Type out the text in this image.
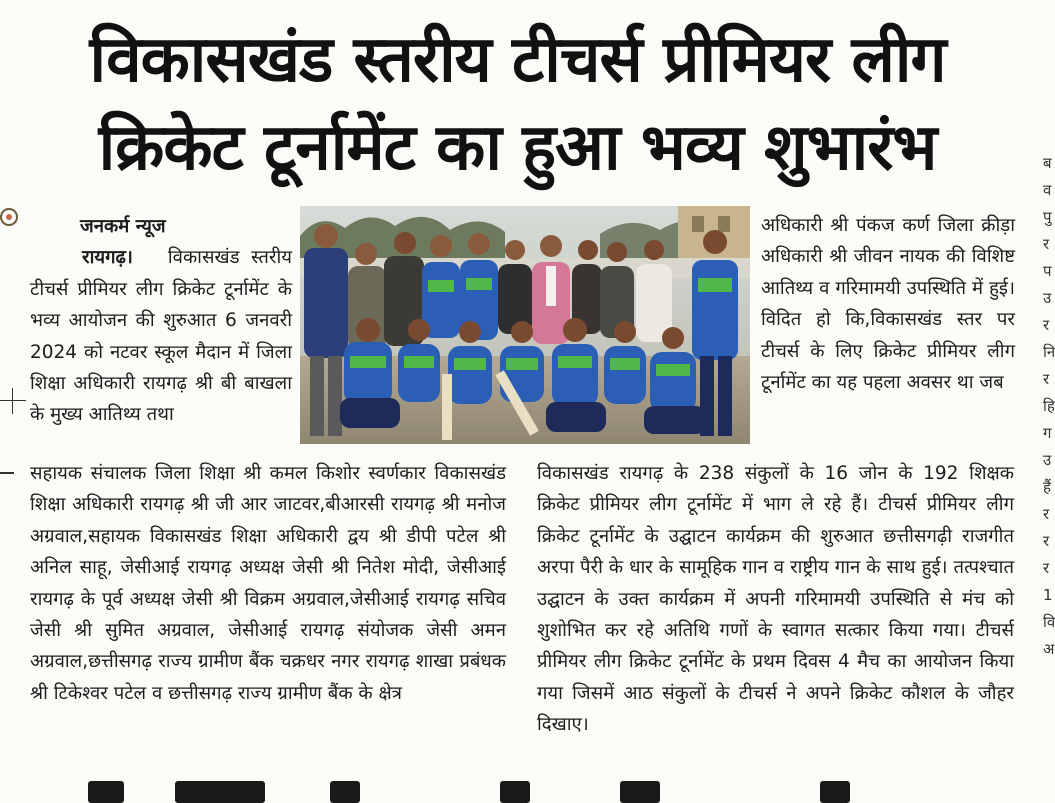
विकासखंड स्तरीय टीचर्स प्रीमियर लीग
क्रिकेट टूर्नामेंट का हुआ भव्य शुभारंभ
जनकर्म न्यूज

रायगढ़। विकासखंड स्तरीय टीचर्स प्रीमियर लीग क्रिकेट टूर्नामेंट के भव्य आयोजन की शुरुआत 6 जनवरी 2024 को नटवर स्कूल मैदान में जिला शिक्षा अधिकारी रायगढ़ श्री बी बाखला के मुख्य आतिथ्य तथा

सहायक संचालक जिला शिक्षा श्री कमल किशोर स्वर्णकार विकासखंड शिक्षा अधिकारी रायगढ़ श्री जी आर जाटवर,बीआरसी रायगढ़ श्री मनोज अग्रवाल,सहायक विकासखंड शिक्षा अधिकारी द्वय श्री डीपी पटेल श्री अनिल साहू, जेसीआई रायगढ़ अध्यक्ष जेसी श्री नितेश मोदी, जेसीआई रायगढ़ के पूर्व अध्यक्ष जेसी श्री विक्रम अग्रवाल,जेसीआई रायगढ़ सचिव जेसी श्री सुमित अग्रवाल, जेसीआई रायगढ़ संयोजक जेसी अमन अग्रवाल,छत्तीसगढ़ राज्य ग्रामीण बैंक चक्रधर नगर रायगढ़ शाखा प्रबंधक श्री टिकेश्वर पटेल व छत्तीसगढ़ राज्य ग्रामीण बैंक के क्षेत्र

अधिकारी श्री पंकज कर्ण जिला क्रीड़ा अधिकारी श्री जीवन नायक की विशिष्ट आतिथ्य व गरिमामयी उपस्थिति में हुई। विदित हो कि,विकासखंड स्तर पर टीचर्स के लिए क्रिकेट प्रीमियर लीग टूर्नामेंट का यह पहला अवसर था जब

विकासखंड रायगढ़ के 238 संकुलों के 16 जोन के 192 शिक्षक क्रिकेट प्रीमियर लीग टूर्नामेंट में भाग ले रहे हैं। टीचर्स प्रीमियर लीग क्रिकेट टूर्नामेंट के उद्घाटन कार्यक्रम की शुरुआत छत्तीसगढ़ी राजगीत अरपा पैरी के धार के सामूहिक गान व राष्ट्रीय गान के साथ हुई। तत्पश्चात उद्घाटन के उक्त कार्यक्रम में अपनी गरिमामयी उपस्थिति से मंच को शुशोभित कर रहे अतिथि गणों के स्वागत सत्कार किया गया। टीचर्स प्रीमियर लीग क्रिकेट टूर्नामेंट के प्रथम दिवस 4 मैच का आयोजन किया गया जिसमें आठ संकुलों के टीचर्स ने अपने क्रिकेट कौशल के जौहर दिखाए।

ब
व
पु
र
प
उ
र
नि
र
हि
ग
उ
हैं
र
र
र
1
वि
अ
